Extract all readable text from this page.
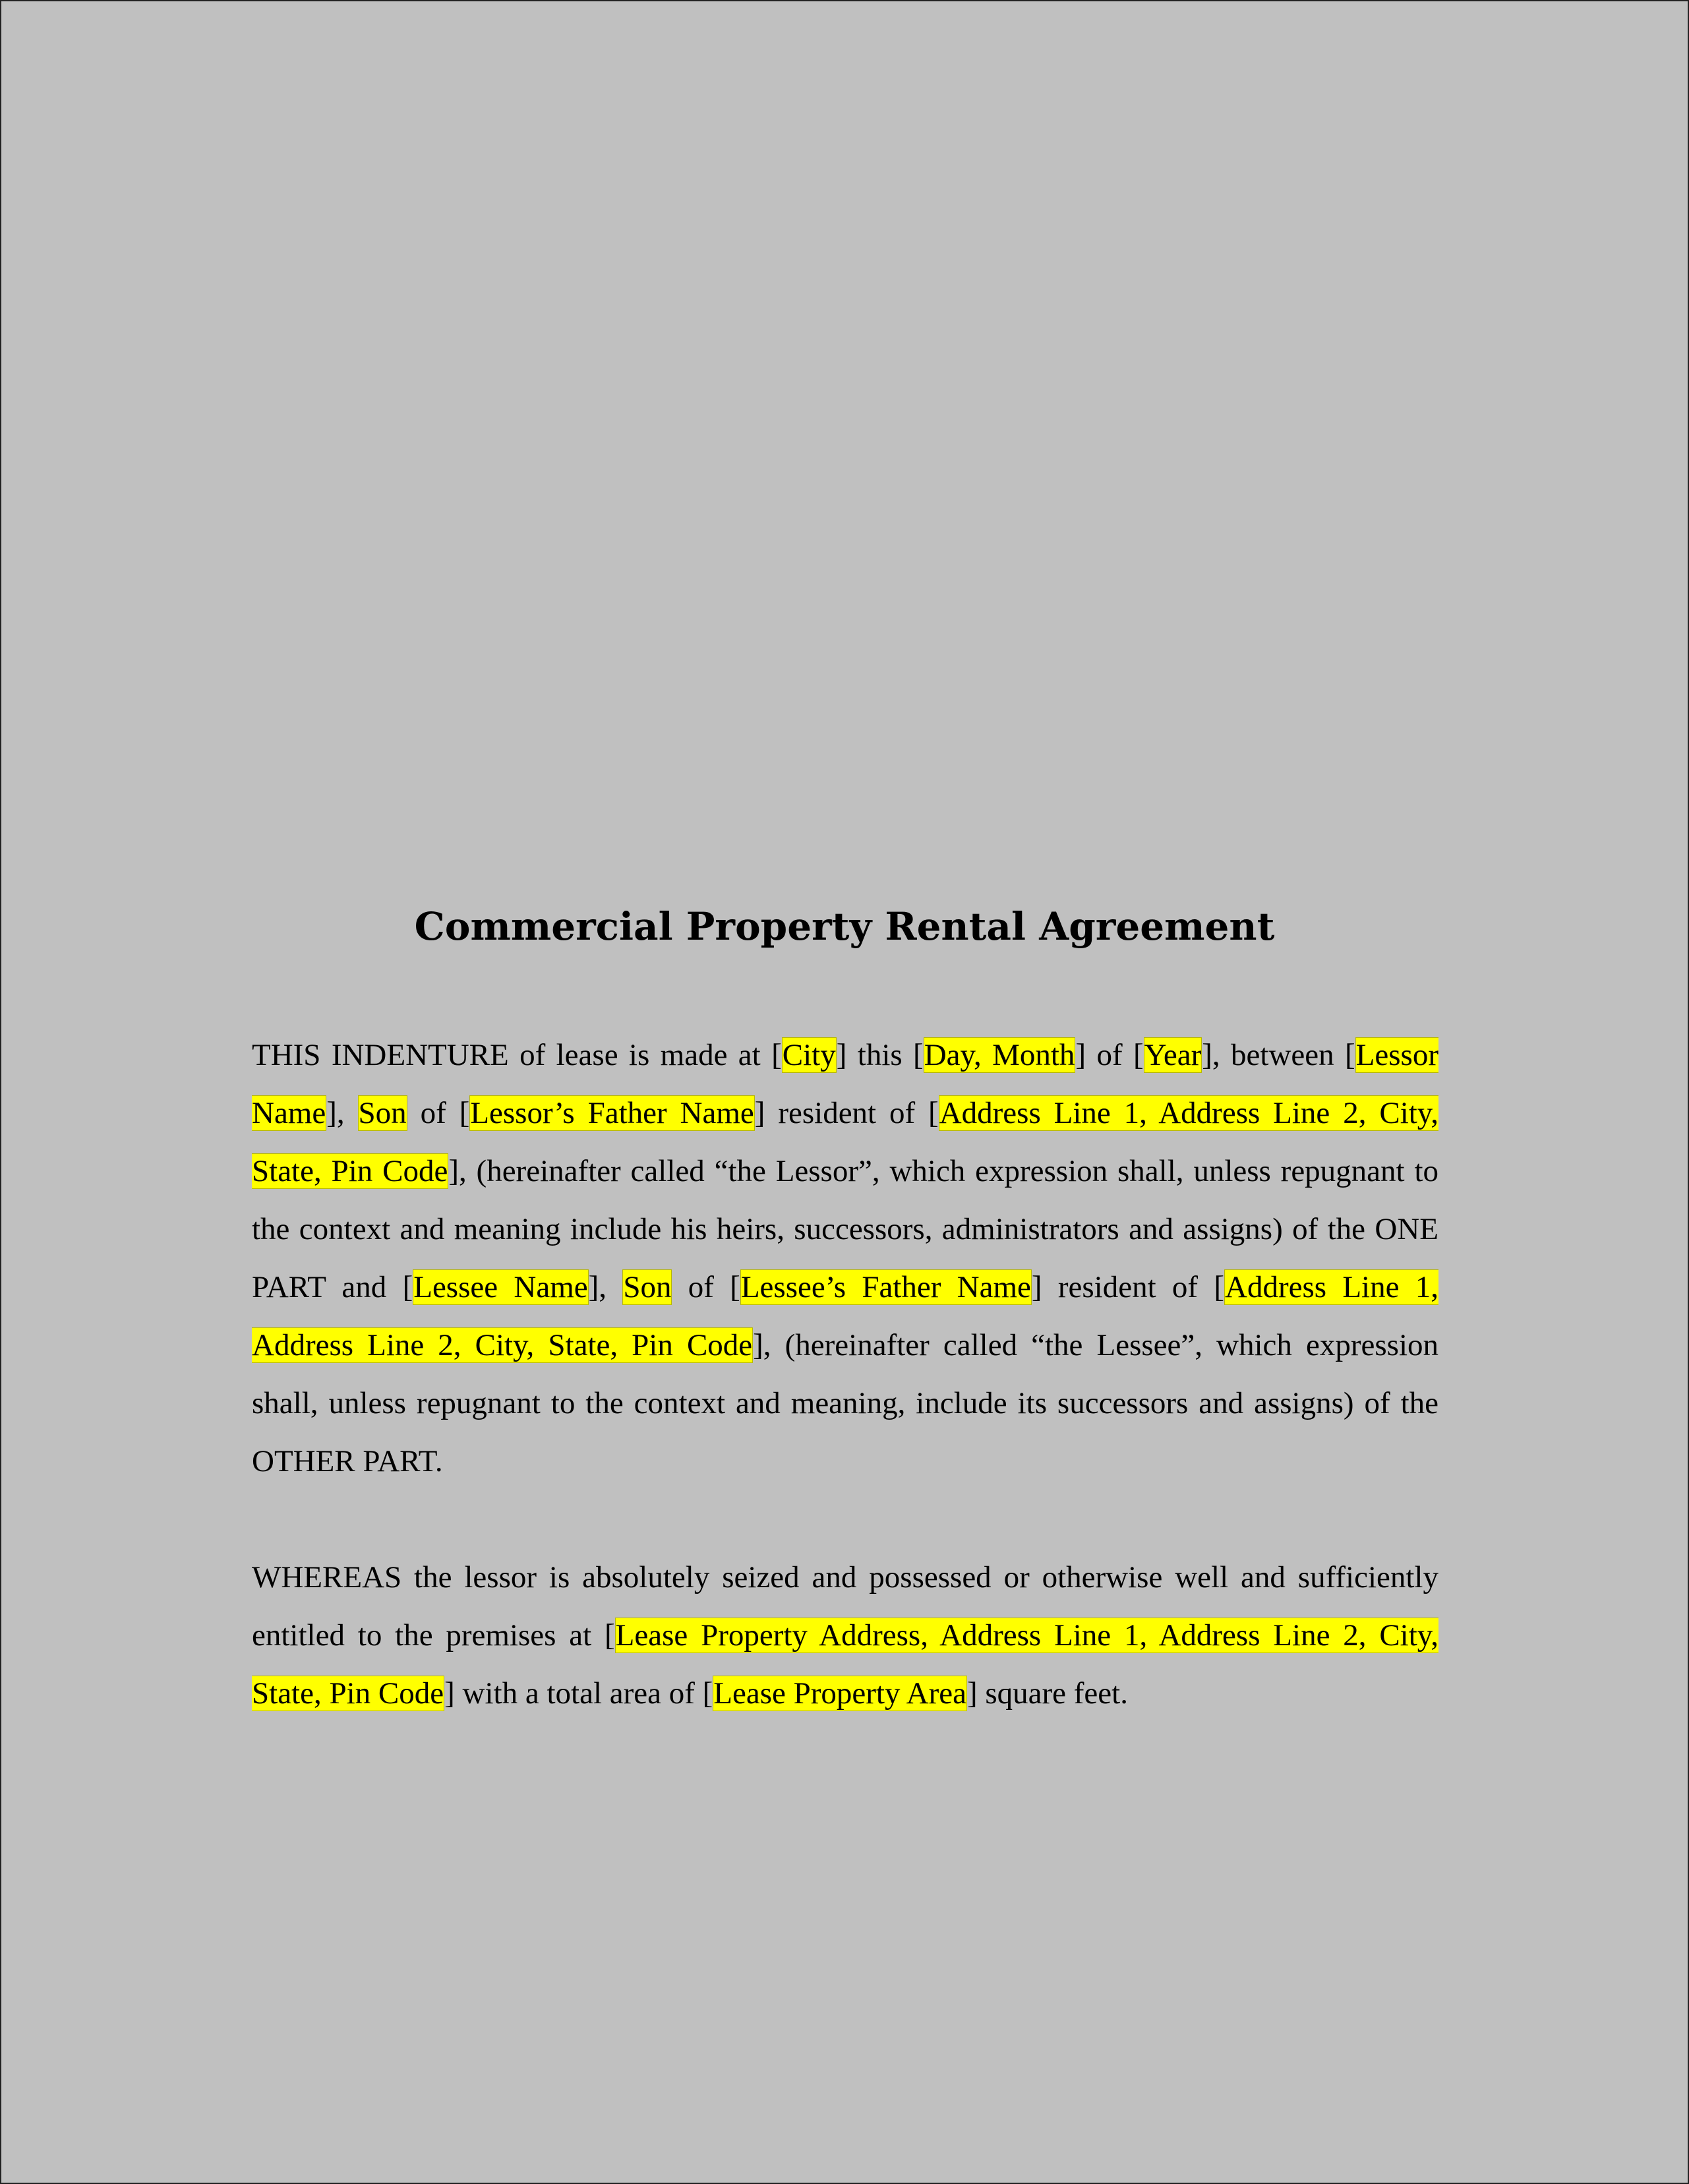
Commercial Property Rental Agreement

THIS INDENTURE of lease is made at [City] this [Day, Month] of [Year], between [Lessor Name], Son of [Lessor’s Father Name] resident of [Address Line 1, Address Line 2, City, State, Pin Code], (hereinafter called “the Lessor”, which expression shall, unless repugnant to the context and meaning include his heirs, successors, administrators and assigns) of the ONE PART and [Lessee Name], Son of [Lessee’s Father Name] resident of [Address Line 1, Address Line 2, City, State, Pin Code], (hereinafter called “the Lessee”, which expression shall, unless repugnant to the context and meaning, include its successors and assigns) of the OTHER PART.

WHEREAS the lessor is absolutely seized and possessed or otherwise well and sufficiently entitled to the premises at [Lease Property Address, Address Line 1, Address Line 2, City, State, Pin Code] with a total area of [Lease Property Area] square feet.
